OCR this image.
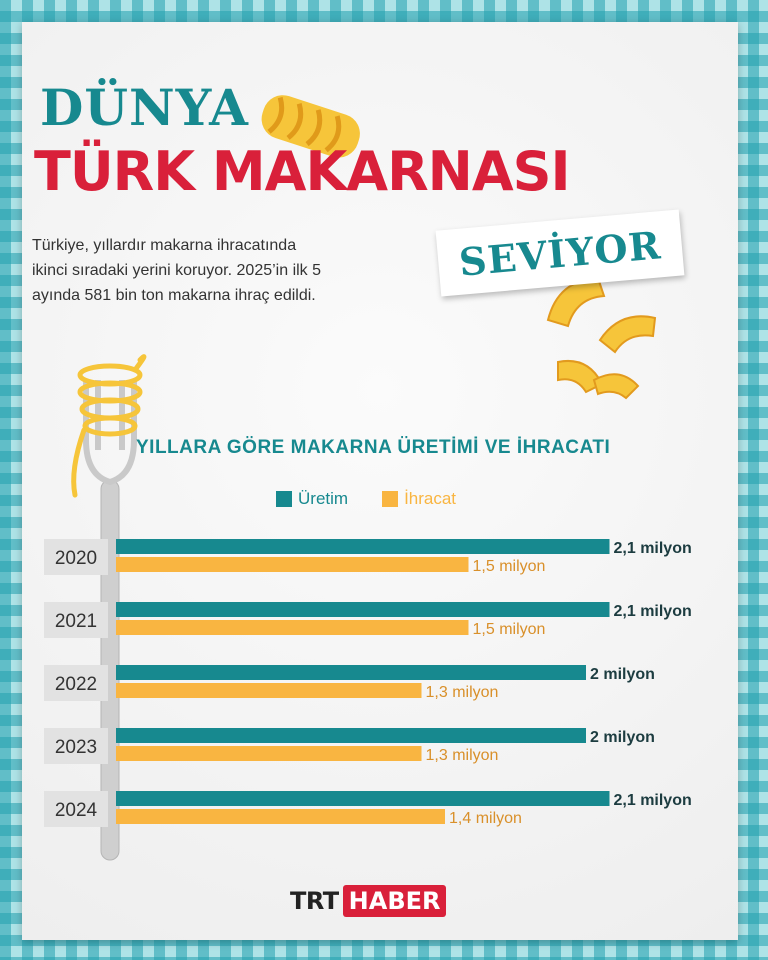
DÜNYA
TÜRK MAKARNASI
SEVİYOR
Türkiye, yıllardır makarna ihracatında
ikinci sıradaki yerini koruyor. 2025’in ilk 5
ayında 581 bin ton makarna ihraç edildi.
YILLARA GÖRE MAKARNA ÜRETİMİ VE İHRACATI
Üretim	İhracat
2020	2,1 milyon
1,5 milyon
2021	2,1 milyon
1,5 milyon
2022	2 milyon
1,3 milyon
2023	2 milyon
1,3 milyon
2024	2,1 milyon
1,4 milyon
TRT HABER
